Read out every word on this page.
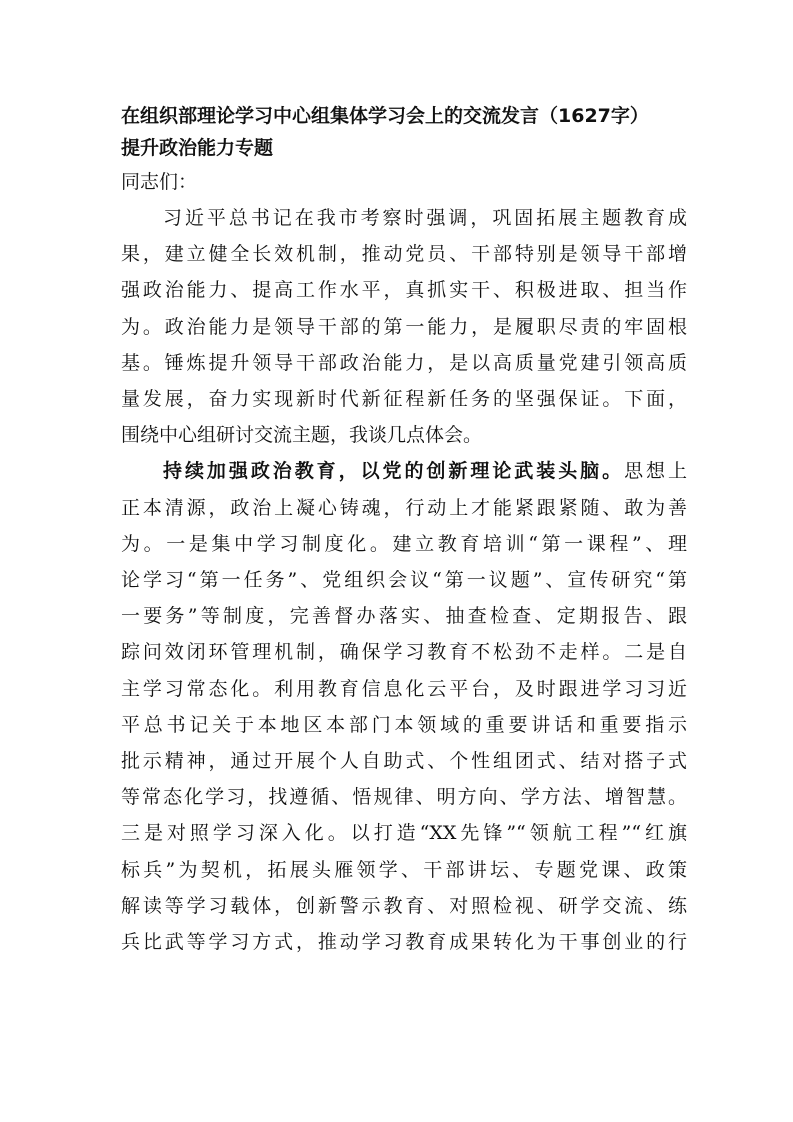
在组织部理论学习中心组集体学习会上的交流发言（1627字）
提升政治能力专题

同志们：

习近平总书记在我市考察时强调，巩固拓展主题教育成
果，建立健全长效机制，推动党员、干部特别是领导干部增
强政治能力、提高工作水平，真抓实干、积极进取、担当作
为。政治能力是领导干部的第一能力，是履职尽责的牢固根
基。锤炼提升领导干部政治能力，是以高质量党建引领高质
量发展，奋力实现新时代新征程新任务的坚强保证。下面，
围绕中心组研讨交流主题，我谈几点体会。
持续加强政治教育，以党的创新理论武装头脑。思想上
正本清源，政治上凝心铸魂，行动上才能紧跟紧随、敢为善
为。一是集中学习制度化。建立教育培训“第一课程”、理
论学习“第一任务”、党组织会议“第一议题”、宣传研究“第
一要务”等制度，完善督办落实、抽查检查、定期报告、跟
踪问效闭环管理机制，确保学习教育不松劲不走样。二是自
主学习常态化。利用教育信息化云平台，及时跟进学习习近
平总书记关于本地区本部门本领域的重要讲话和重要指示
批示精神，通过开展个人自助式、个性组团式、结对搭子式
等常态化学习，找遵循、悟规律、明方向、学方法、增智慧。
三是对照学习深入化。以打造“XX先锋”“领航工程”“红旗
标兵”为契机，拓展头雁领学、干部讲坛、专题党课、政策
解读等学习载体，创新警示教育、对照检视、研学交流、练
兵比武等学习方式，推动学习教育成果转化为干事创业的行
